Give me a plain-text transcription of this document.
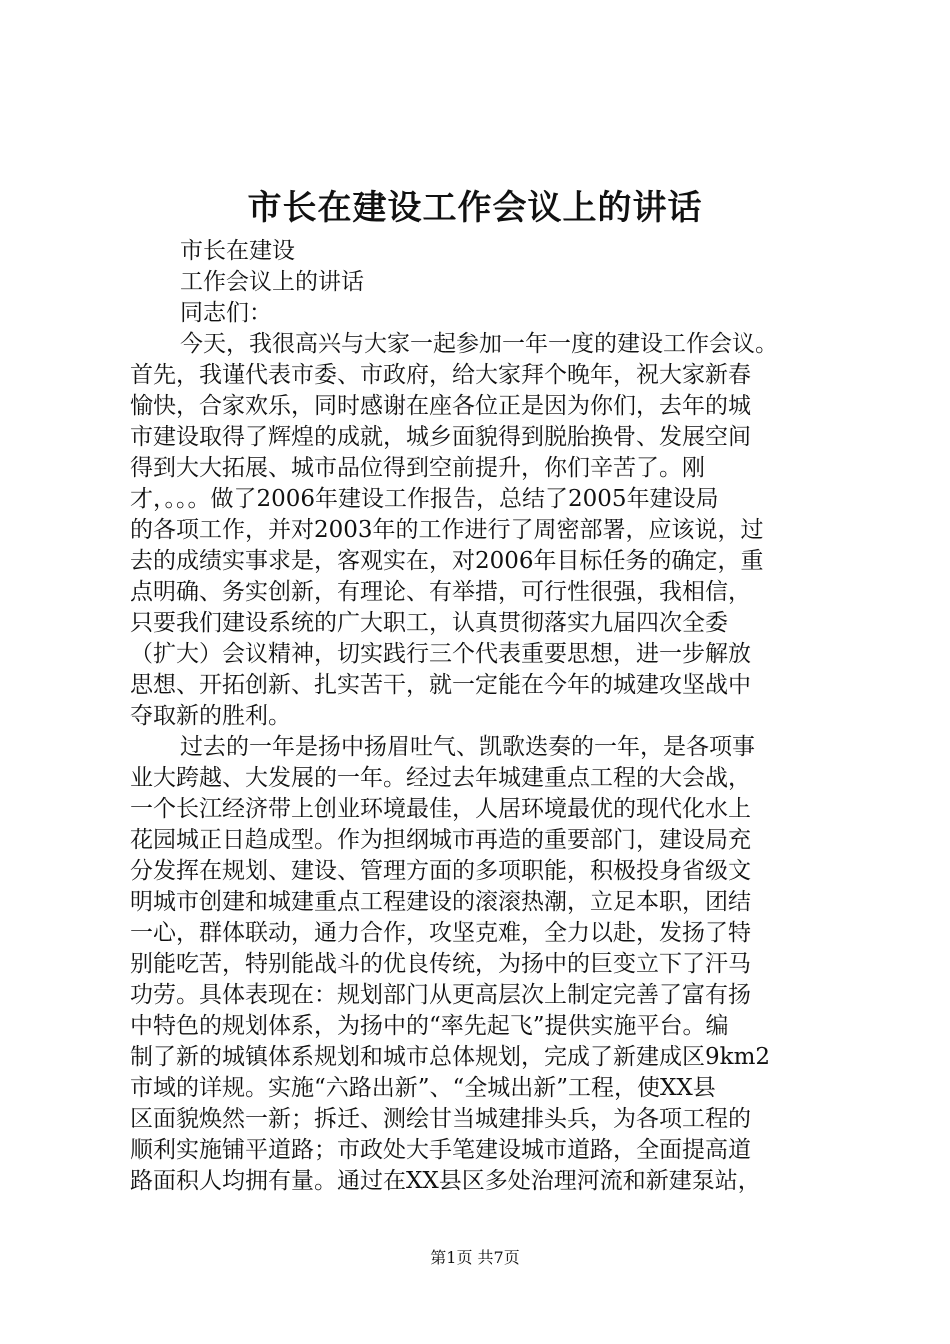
市长在建设工作会议上的讲话
市长在建设
工作会议上的讲话
同志们：
今天，我很高兴与大家一起参加一年一度的建设工作会议。
首先，我谨代表市委、市政府，给大家拜个晚年，祝大家新春
愉快，合家欢乐，同时感谢在座各位正是因为你们，去年的城
市建设取得了辉煌的成就，城乡面貌得到脱胎换骨、发展空间
得到大大拓展、城市品位得到空前提升，你们辛苦了。刚
才，。。。做了2006年建设工作报告，总结了2005年建设局
的各项工作，并对2003年的工作进行了周密部署，应该说，过
去的成绩实事求是，客观实在，对2006年目标任务的确定，重
点明确、务实创新，有理论、有举措，可行性很强，我相信，
只要我们建设系统的广大职工，认真贯彻落实九届四次全委
（扩大）会议精神，切实践行三个代表重要思想，进一步解放
思想、开拓创新、扎实苦干，就一定能在今年的城建攻坚战中
夺取新的胜利。
过去的一年是扬中扬眉吐气、凯歌迭奏的一年，是各项事
业大跨越、大发展的一年。经过去年城建重点工程的大会战，
一个长江经济带上创业环境最佳，人居环境最优的现代化水上
花园城正日趋成型。作为担纲城市再造的重要部门，建设局充
分发挥在规划、建设、管理方面的多项职能，积极投身省级文
明城市创建和城建重点工程建设的滚滚热潮，立足本职，团结
一心，群体联动，通力合作，攻坚克难，全力以赴，发扬了特
别能吃苦，特别能战斗的优良传统，为扬中的巨变立下了汗马
功劳。具体表现在：规划部门从更高层次上制定完善了富有扬
中特色的规划体系，为扬中的“率先起飞”提供实施平台。编
制了新的城镇体系规划和城市总体规划，完成了新建成区9km2
市域的详规。实施“六路出新”、“全城出新”工程，使XX县
区面貌焕然一新；拆迁、测绘甘当城建排头兵，为各项工程的
顺利实施铺平道路；市政处大手笔建设城市道路，全面提高道
路面积人均拥有量。通过在XX县区多处治理河流和新建泵站，
第1页 共7页
